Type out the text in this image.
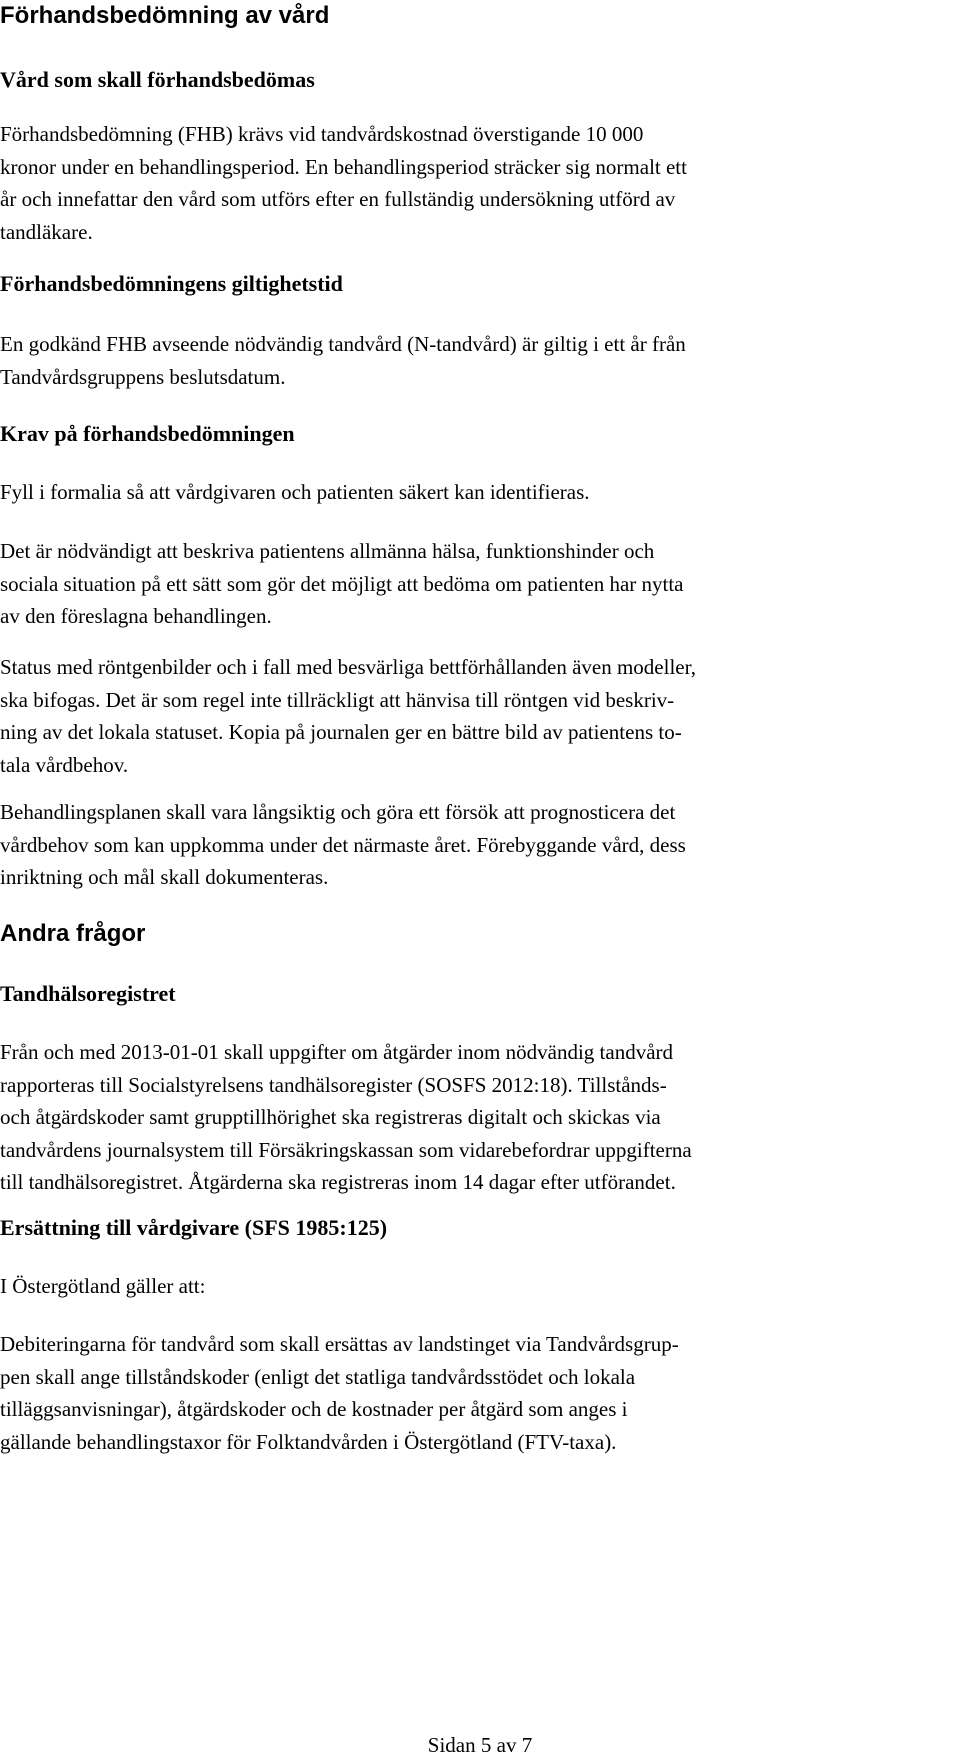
Förhandsbedömning av vård
Vård som skall förhandsbedömas
Förhandsbedömning (FHB) krävs vid tandvårdskostnad överstigande 10 000
kronor under en behandlingsperiod. En behandlingsperiod sträcker sig normalt ett
år och innefattar den vård som utförs efter en fullständig undersökning utförd av
tandläkare.
Förhandsbedömningens giltighetstid
En godkänd FHB avseende nödvändig tandvård (N-tandvård) är giltig i ett år från
Tandvårdsgruppens beslutsdatum.
Krav på förhandsbedömningen
Fyll i formalia så att vårdgivaren och patienten säkert kan identifieras.
Det är nödvändigt att beskriva patientens allmänna hälsa, funktionshinder och
sociala situation på ett sätt som gör det möjligt att bedöma om patienten har nytta
av den föreslagna behandlingen.
Status med röntgenbilder och i fall med besvärliga bettförhållanden även modeller,
ska bifogas. Det är som regel inte tillräckligt att hänvisa till röntgen vid beskriv-
ning av det lokala statuset. Kopia på journalen ger en bättre bild av patientens to-
tala vårdbehov.
Behandlingsplanen skall vara långsiktig och göra ett försök att prognosticera det
vårdbehov som kan uppkomma under det närmaste året. Förebyggande vård, dess
inriktning och mål skall dokumenteras.
Andra frågor
Tandhälsoregistret
Från och med 2013-01-01 skall uppgifter om åtgärder inom nödvändig tandvård
rapporteras till Socialstyrelsens tandhälsoregister (SOSFS 2012:18). Tillstånds-
och åtgärdskoder samt grupptillhörighet ska registreras digitalt och skickas via
tandvårdens journalsystem till Försäkringskassan som vidarebefordrar uppgifterna
till tandhälsoregistret. Åtgärderna ska registreras inom 14 dagar efter utförandet.
Ersättning till vårdgivare (SFS 1985:125)
I Östergötland gäller att:
Debiteringarna för tandvård som skall ersättas av landstinget via Tandvårdsgrup-
pen skall ange tillståndskoder (enligt det statliga tandvårdsstödet och lokala
tilläggsanvisningar), åtgärdskoder och de kostnader per åtgärd som anges i
gällande behandlingstaxor för Folktandvården i Östergötland (FTV-taxa).
Sidan 5 av 7
